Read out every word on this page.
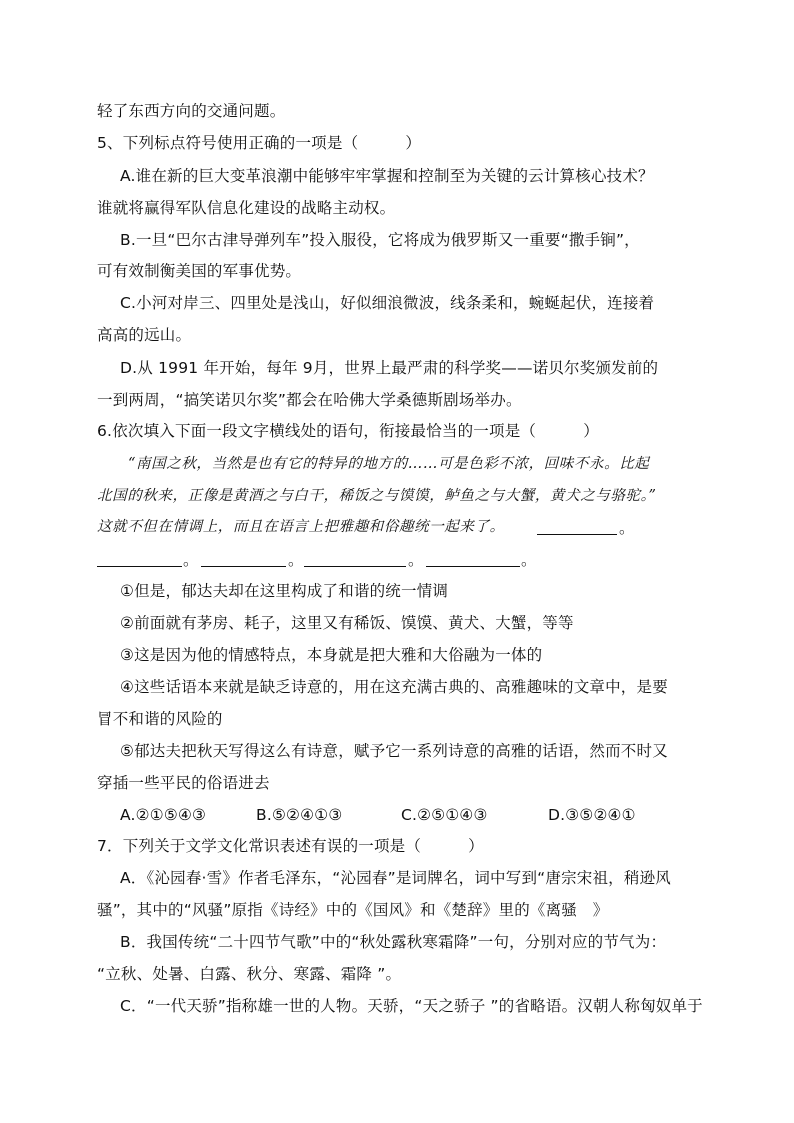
轻了东西方向的交通问题。
5、下列标点符号使用正确的一项是（　　　）
A.谁在新的巨大变革浪潮中能够牢牢掌握和控制至为关键的云计算核心技术？
谁就将赢得军队信息化建设的战略主动权。
B.一旦“巴尔古津导弹列车”投入服役，它将成为俄罗斯又一重要“撒手锏”，
可有效制衡美国的军事优势。
C.小河对岸三、四里处是浅山，好似细浪微波，线条柔和，蜿蜒起伏，连接着
高高的远山。
D.从 1991 年开始，每年 9月，世界上最严肃的科学奖——诺贝尔奖颁发前的
一到两周，“搞笑诺贝尔奖”都会在哈佛大学桑德斯剧场举办。
6.依次填入下面一段文字横线处的语句，衔接最恰当的一项是（　　　）
“南国之秋，当然是也有它的特异的地方的……可是色彩不浓，回味不永。比起
北国的秋来，正像是黄酒之与白干，稀饭之与馍馍，鲈鱼之与大蟹，黄犬之与骆驼。”
这就不但在情调上，而且在语言上把雅趣和俗趣统一起来了。	。
。	。	。	。
①但是，郁达夫却在这里构成了和谐的统一情调
②前面就有茅房、耗子，这里又有稀饭、馍馍、黄犬、大蟹，等等
③这是因为他的情感特点，本身就是把大雅和大俗融为一体的
④这些话语本来就是缺乏诗意的，用在这充满古典的、高雅趣味的文章中，是要
冒不和谐的风险的
⑤郁达夫把秋天写得这么有诗意，赋予它一系列诗意的高雅的话语，然而不时又
穿插一些平民的俗语进去
A.②①⑤④③	B.⑤②④①③	C.②⑤①④③	D.③⑤②④①
7．下列关于文学文化常识表述有误的一项是（　　　）
A．《沁园春·雪》作者毛泽东，“沁园春”是词牌名，词中写到“唐宗宋祖，稍逊风
骚”，其中的“风骚”原指《诗经》中的《国风》和《楚辞》里的《离骚　》
B．我国传统“二十四节气歌”中的“秋处露秋寒霜降”一句，分别对应的节气为：
“立秋、处暑、白露、秋分、寒露、霜降 ”。
C．“一代天骄”指称雄一世的人物。天骄，“天之骄子 ”的省略语。汉朝人称匈奴单于
